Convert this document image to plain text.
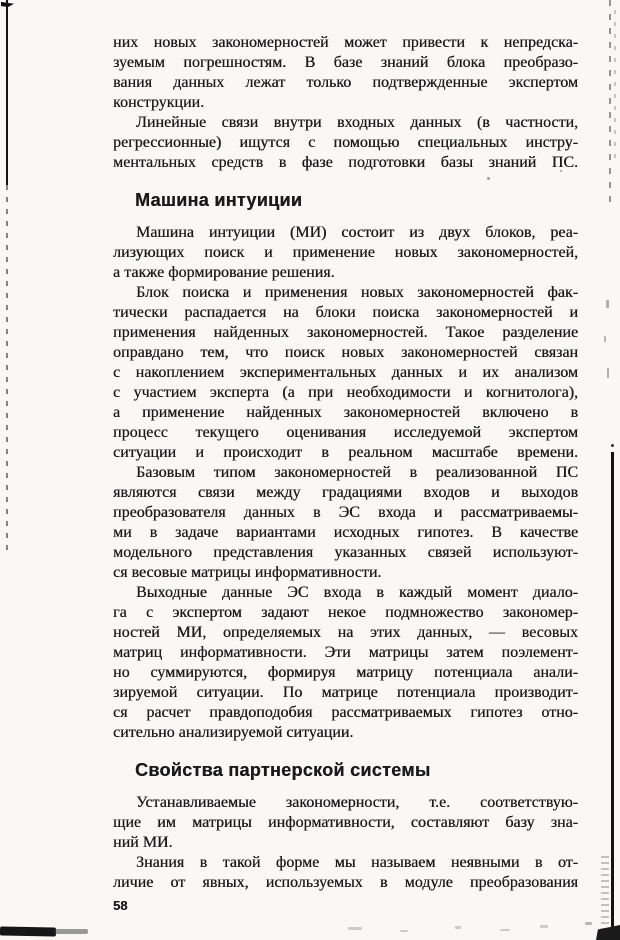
них новых закономерностей может привести к непредска-
зуемым погрешностям. В базе знаний блока преобразо-
вания данных лежат только подтвержденные экспертом
конструкции.
Линейные связи внутри входных данных (в частности,
регрессионные) ищутся с помощью специальных инстру-
ментальных средств в фазе подготовки базы знаний ПС.
Машина интуиции
Машина интуиции (МИ) состоит из двух блоков, реа-
лизующих поиск и применение новых закономерностей,
а также формирование решения.
Блок поиска и применения новых закономерностей фак-
тически распадается на блоки поиска закономерностей и
применения найденных закономерностей. Такое разделение
оправдано тем, что поиск новых закономерностей связан
с накоплением экспериментальных данных и их анализом
с участием эксперта (а при необходимости и когнитолога),
а применение найденных закономерностей включено в
процесс текущего оценивания исследуемой экспертом
ситуации и происходит в реальном масштабе времени.
Базовым типом закономерностей в реализованной ПС
являются связи между градациями входов и выходов
преобразователя данных в ЭС входа и рассматриваемы-
ми в задаче вариантами исходных гипотез. В качестве
модельного представления указанных связей используют-
ся весовые матрицы информативности.
Выходные данные ЭС входа в каждый момент диало-
га с экспертом задают некое подмножество закономер-
ностей МИ, определяемых на этих данных, — весовых
матриц информативности. Эти матрицы затем поэлемент-
но суммируются, формируя матрицу потенциала анали-
зируемой ситуации. По матрице потенциала производит-
ся расчет правдоподобия рассматриваемых гипотез отно-
сительно анализируемой ситуации.
Свойства партнерской системы
Устанавливаемые закономерности, т.е. соответствую-
щие им матрицы информативности, составляют базу зна-
ний МИ.
Знания в такой форме мы называем неявными в от-
личие от явных, используемых в модуле преобразования
58
